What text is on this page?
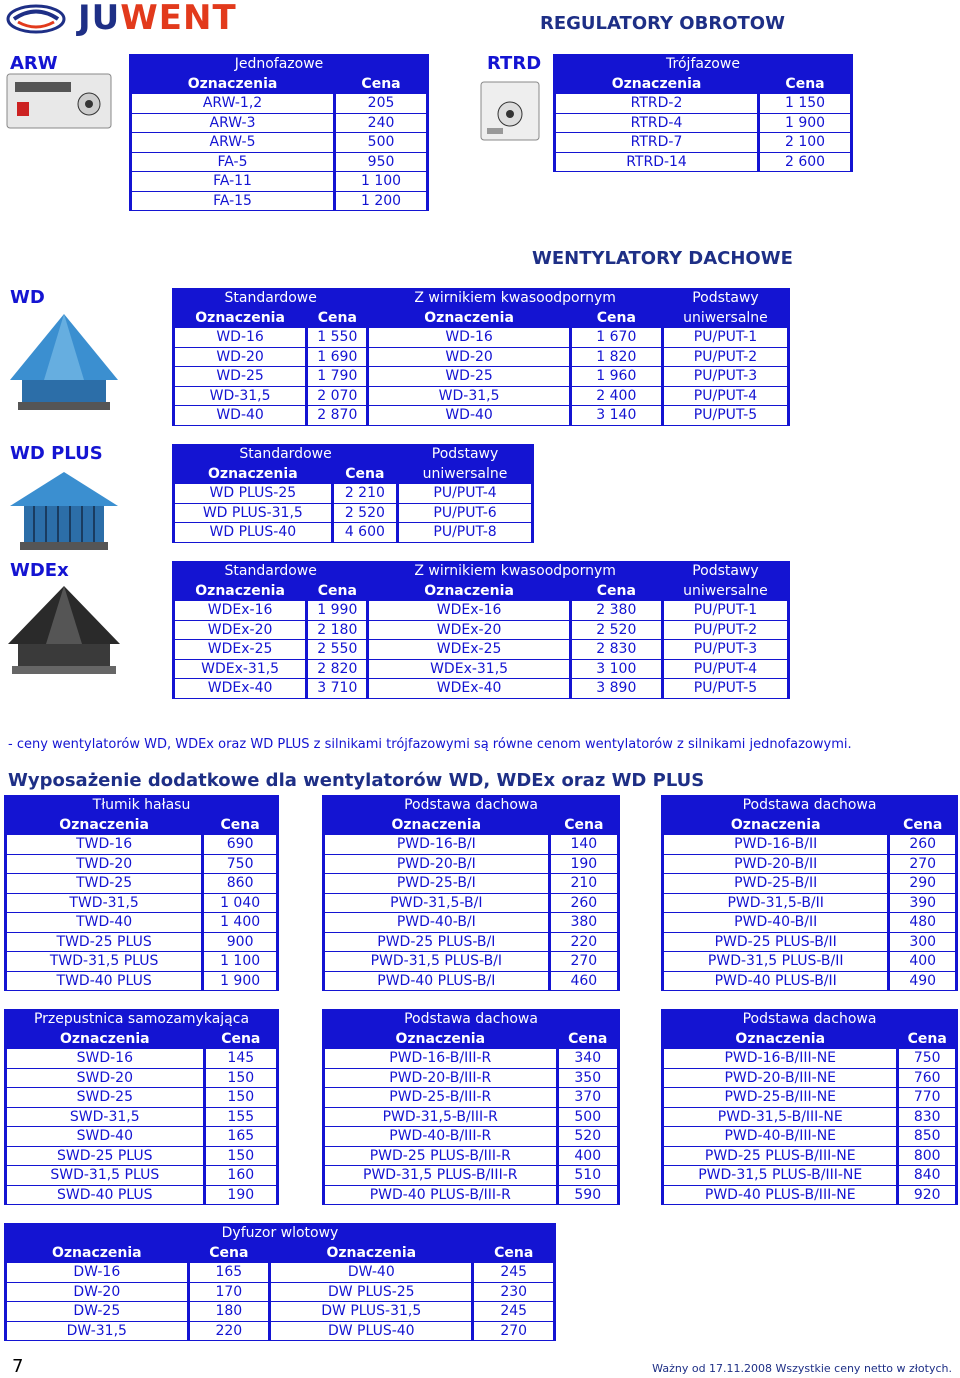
JUWENT	REGULATORY OBROTOW
ARW	Jednofazowe	
Oznaczenia	Cena
ARW-1,2	205
ARW-3	240
ARW-5	500
FA-5	950
FA-11	1 100
FA-15	1 200
RTRD	Trójfazowe	
Oznaczenia	Cena
RTRD-2	1 150
RTRD-4	1 900
RTRD-7	2 100
RTRD-14	2 600
WENTYLATORY DACHOWE
WD	Standardowe		Z wirnikiem kwasoodpornym		Podstawy
Oznaczenia	Cena	Oznaczenia	Cena	uniwersalne
WD-16	1 550	WD-16	1 670	PU/PUT-1
WD-20	1 690	WD-20	1 820	PU/PUT-2
WD-25	1 790	WD-25	1 960	PU/PUT-3
WD-31,5	2 070	WD-31,5	2 400	PU/PUT-4
WD-40	2 870	WD-40	3 140	PU/PUT-5
WD PLUS	Standardowe		Podstawy
Oznaczenia	Cena	uniwersalne
WD PLUS-25	2 210	PU/PUT-4
WD PLUS-31,5	2 520	PU/PUT-6
WD PLUS-40	4 600	PU/PUT-8
WDEx	Standardowe		Z wirnikiem kwasoodpornym		Podstawy
Oznaczenia	Cena	Oznaczenia	Cena	uniwersalne
WDEx-16	1 990	WDEx-16	2 380	PU/PUT-1
WDEx-20	2 180	WDEx-20	2 520	PU/PUT-2
WDEx-25	2 550	WDEx-25	2 830	PU/PUT-3
WDEx-31,5	2 820	WDEx-31,5	3 100	PU/PUT-4
WDEx-40	3 710	WDEx-40	3 890	PU/PUT-5
- ceny wentylatorów WD, WDEx oraz WD PLUS z silnikami trójfazowymi są równe cenom wentylatorów z silnikami jednofazowymi.
Wyposażenie dodatkowe dla wentylatorów WD, WDEx oraz WD PLUS
Tłumik hałasu	
Oznaczenia	Cena
TWD-16	690
TWD-20	750
TWD-25	860
TWD-31,5	1 040
TWD-40	1 400
TWD-25 PLUS	900
TWD-31,5 PLUS	1 100
TWD-40 PLUS	1 900
Podstawa dachowa	
Oznaczenia	Cena
PWD-16-B/I	140
PWD-20-B/I	190
PWD-25-B/I	210
PWD-31,5-B/I	260
PWD-40-B/I	380
PWD-25 PLUS-B/I	220
PWD-31,5 PLUS-B/I	270
PWD-40 PLUS-B/I	460
Podstawa dachowa	
Oznaczenia	Cena
PWD-16-B/II	260
PWD-20-B/II	270
PWD-25-B/II	290
PWD-31,5-B/II	390
PWD-40-B/II	480
PWD-25 PLUS-B/II	300
PWD-31,5 PLUS-B/II	400
PWD-40 PLUS-B/II	490
Przepustnica samozamykająca	
Oznaczenia	Cena
SWD-16	145
SWD-20	150
SWD-25	150
SWD-31,5	155
SWD-40	165
SWD-25 PLUS	150
SWD-31,5 PLUS	160
SWD-40 PLUS	190
Podstawa dachowa	
Oznaczenia	Cena
PWD-16-B/III-R	340
PWD-20-B/III-R	350
PWD-25-B/III-R	370
PWD-31,5-B/III-R	500
PWD-40-B/III-R	520
PWD-25 PLUS-B/III-R	400
PWD-31,5 PLUS-B/III-R	510
PWD-40 PLUS-B/III-R	590
Podstawa dachowa	
Oznaczenia	Cena
PWD-16-B/III-NE	750
PWD-20-B/III-NE	760
PWD-25-B/III-NE	770
PWD-31,5-B/III-NE	830
PWD-40-B/III-NE	850
PWD-25 PLUS-B/III-NE	800
PWD-31,5 PLUS-B/III-NE	840
PWD-40 PLUS-B/III-NE	920
Dyfuzor wlotowy			
Oznaczenia	Cena	Oznaczenia	Cena
DW-16	165	DW-40	245
DW-20	170	DW PLUS-25	230
DW-25	180	DW PLUS-31,5	245
DW-31,5	220	DW PLUS-40	270
7	Ważny od 17.11.2008 Wszystkie ceny netto w złotych.
